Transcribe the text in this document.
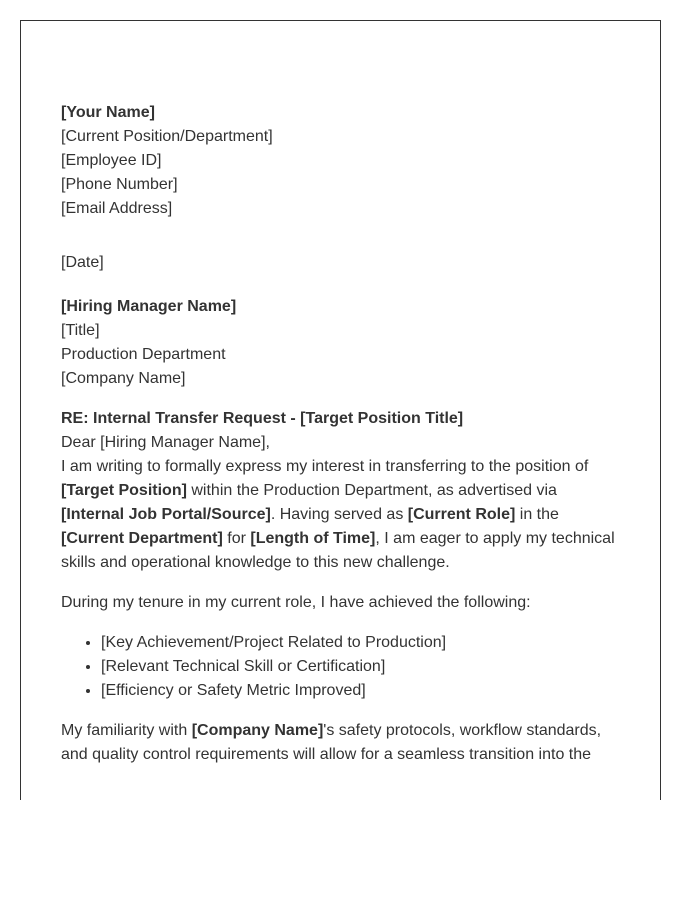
[Your Name]
[Current Position/Department]
[Employee ID]
[Phone Number]
[Email Address]
[Date]
[Hiring Manager Name]
[Title]
Production Department
[Company Name]

RE: Internal Transfer Request - [Target Position Title]

Dear [Hiring Manager Name],

I am writing to formally express my interest in transferring to the position of [Target Position] within the Production Department, as advertised via [Internal Job Portal/Source]. Having served as [Current Role] in the [Current Department] for [Length of Time], I am eager to apply my technical skills and operational knowledge to this new challenge.

During my tenure in my current role, I have achieved the following:

• [Key Achievement/Project Related to Production]
• [Relevant Technical Skill or Certification]
• [Efficiency or Safety Metric Improved]

My familiarity with [Company Name]'s safety protocols, workflow standards, and quality control requirements will allow for a seamless transition into the
